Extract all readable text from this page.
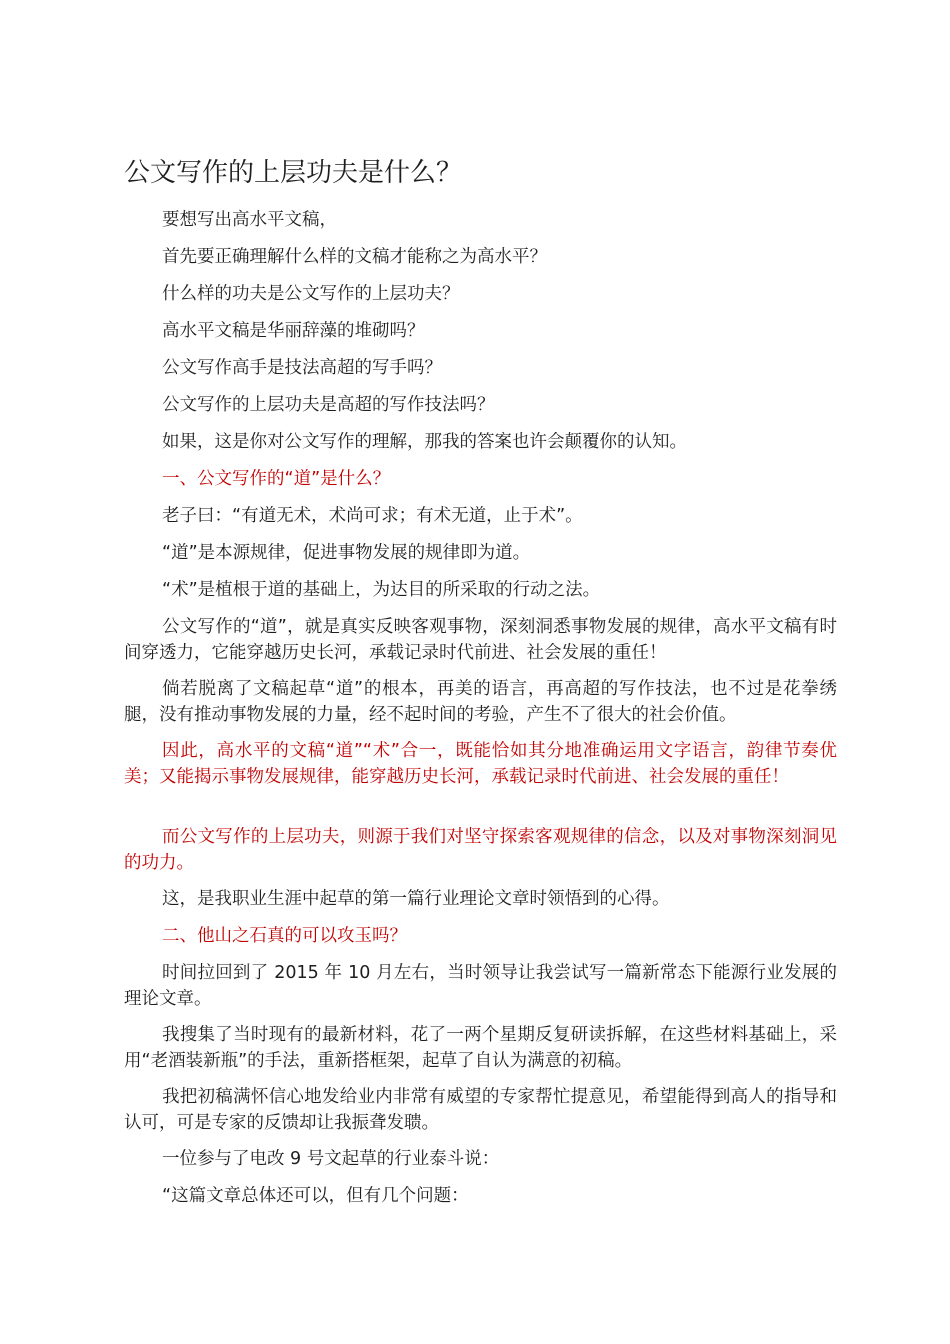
公文写作的上层功夫是什么？

要想写出高水平文稿，

首先要正确理解什么样的文稿才能称之为高水平？

什么样的功夫是公文写作的上层功夫？

高水平文稿是华丽辞藻的堆砌吗？

公文写作高手是技法高超的写手吗？

公文写作的上层功夫是高超的写作技法吗？

如果，这是你对公文写作的理解，那我的答案也许会颠覆你的认知。

一、公文写作的“道”是什么？

老子曰：“有道无术，术尚可求；有术无道，止于术”。

“道”是本源规律，促进事物发展的规律即为道。

“术”是植根于道的基础上，为达目的所采取的行动之法。

公文写作的“道”，就是真实反映客观事物，深刻洞悉事物发展的规律，高水平文稿有时间穿透力，它能穿越历史长河，承载记录时代前进、社会发展的重任！

倘若脱离了文稿起草“道”的根本，再美的语言，再高超的写作技法，也不过是花拳绣腿，没有推动事物发展的力量，经不起时间的考验，产生不了很大的社会价值。

因此，高水平的文稿“道”“术”合一，既能恰如其分地准确运用文字语言，韵律节奏优美；又能揭示事物发展规律，能穿越历史长河，承载记录时代前进、社会发展的重任！

而公文写作的上层功夫，则源于我们对坚守探索客观规律的信念，以及对事物深刻洞见的功力。

这，是我职业生涯中起草的第一篇行业理论文章时领悟到的心得。

二、他山之石真的可以攻玉吗？

时间拉回到了 2015 年 10 月左右，当时领导让我尝试写一篇新常态下能源行业发展的理论文章。

我搜集了当时现有的最新材料，花了一两个星期反复研读拆解，在这些材料基础上，采用“老酒装新瓶”的手法，重新搭框架，起草了自认为满意的初稿。

我把初稿满怀信心地发给业内非常有威望的专家帮忙提意见，希望能得到高人的指导和认可，可是专家的反馈却让我振聋发聩。

一位参与了电改 9 号文起草的行业泰斗说：

“这篇文章总体还可以，但有几个问题：
